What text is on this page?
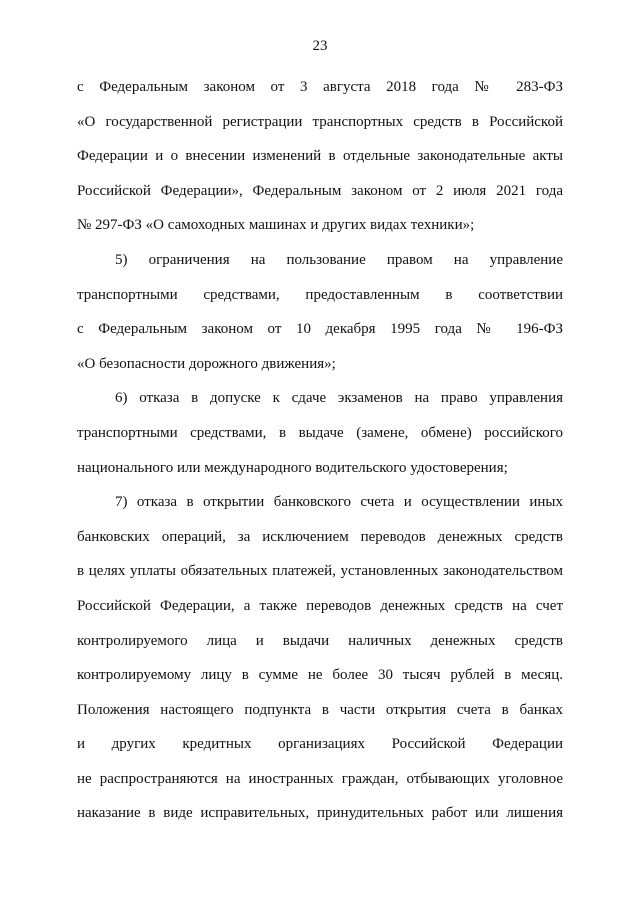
23
с Федеральным законом от 3 августа 2018 года № 283-ФЗ
«О государственной регистрации транспортных средств в Российской
Федерации и о внесении изменений в отдельные законодательные акты
Российской Федерации», Федеральным законом от 2 июля 2021 года
№ 297-ФЗ «О самоходных машинах и других видах техники»;
5) ограничения на пользование правом на управление
транспортными средствами, предоставленным в соответствии
с Федеральным законом от 10 декабря 1995 года № 196-ФЗ
«О безопасности дорожного движения»;
6) отказа в допуске к сдаче экзаменов на право управления
транспортными средствами, в выдаче (замене, обмене) российского
национального или международного водительского удостоверения;
7) отказа в открытии банковского счета и осуществлении иных
банковских операций, за исключением переводов денежных средств
в целях уплаты обязательных платежей, установленных законодательством
Российской Федерации, а также переводов денежных средств на счет
контролируемого лица и выдачи наличных денежных средств
контролируемому лицу в сумме не более 30 тысяч рублей в месяц.
Положения настоящего подпункта в части открытия счета в банках
и других кредитных организациях Российской Федерации
не распространяются на иностранных граждан, отбывающих уголовное
наказание в виде исправительных, принудительных работ или лишения
